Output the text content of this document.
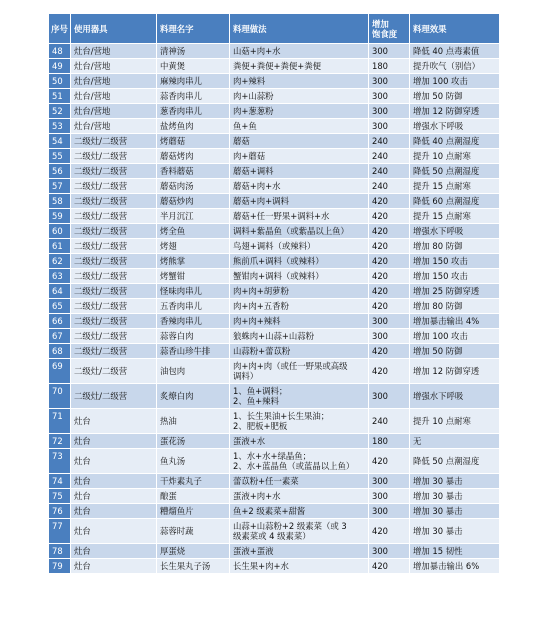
序号	使用器具	料理名字	料理做法	增加
饱食度	料理效果
48	灶台/营地	清神汤	山菇+肉+水	300	降低 40 点毒素值
49	灶台/营地	中黄煲	粪便+粪便+粪便+粪便	180	提升吹气（别信）
50	灶台/营地	麻辣肉串儿	肉+辣料	300	增加 100 攻击
51	灶台/营地	蒜香肉串儿	肉+山蒜粉	300	增加 50 防御
52	灶台/营地	葱香肉串儿	肉+葱葱粉	300	增加 12 防御穿透
53	灶台/营地	盐烤鱼肉	鱼+鱼	300	增强水下呼吸
54	二级灶/二级营	烤蘑菇	蘑菇	240	降低 40 点潮湿度
55	二级灶/二级营	蘑菇烤肉	肉+蘑菇	240	提升 10 点耐寒
56	二级灶/二级营	香料蘑菇	蘑菇+调料	240	降低 50 点潮湿度
57	二级灶/二级营	蘑菇肉汤	蘑菇+肉+水	240	提升 15 点耐寒
58	二级灶/二级营	蘑菇炒肉	蘑菇+肉+调料	420	降低 60 点潮湿度
59	二级灶/二级营	半月沉江	蘑菇+任一野果+调料+水	420	提升 15 点耐寒
60	二级灶/二级营	烤全鱼	调料+紫晶鱼（或紫晶以上鱼）	420	增强水下呼吸
61	二级灶/二级营	烤翅	鸟翅+调料（或辣料）	420	增加 80 防御
62	二级灶/二级营	烤熊掌	熊前爪+调料（或辣料）	420	增加 150 攻击
63	二级灶/二级营	烤蟹钳	蟹钳肉+调料（或辣料）	420	增加 150 攻击
64	二级灶/二级营	怪味肉串儿	肉+肉+胡萝粉	420	增加 25 防御穿透
65	二级灶/二级营	五香肉串儿	肉+肉+五香粉	420	增加 80 防御
66	二级灶/二级营	香辣肉串儿	肉+肉+辣料	300	增加暴击输出 4%
67	二级灶/二级营	蒜蓉白肉	狼蛛肉+山蒜+山蒜粉	300	增加 100 攻击
68	二级灶/二级营	蒜香山珍牛排	山蒜粉+蕾苡粉	420	增加 50 防御
69	二级灶/二级营	油包肉	肉+肉+肉（或任一野果或高级
调料）	420	增加 12 防御穿透
70	二级灶/二级营	炙燎白肉	1、鱼+调料；
2、鱼+辣料	300	增强水下呼吸
71	灶台	热油	1、长生果油+长生果油；
2、肥板+肥板	240	提升 10 点耐寒
72	灶台	蛋花汤	蛋液+水	180	无
73	灶台	鱼丸汤	1、水+水+绿晶鱼；
2、水+蓝晶鱼（或蓝晶以上鱼）	420	降低 50 点潮湿度
74	灶台	干炸素丸子	蕾苡粉+任一素菜	300	增加 30 暴击
75	灶台	酿蛋	蛋液+肉+水	300	增加 30 暴击
76	灶台	糟熘鱼片	鱼+2 级素菜+甜酱	300	增加 30 暴击
77	灶台	蒜蓉时蔬	山蒜+山蒜粉+2 级素菜（或 3
级素菜或 4 级素菜）	420	增加 30 暴击
78	灶台	厚蛋烧	蛋液+蛋液	300	增加 15 韧性
79	灶台	长生果丸子汤	长生果+肉+水	420	增加暴击输出 6%
